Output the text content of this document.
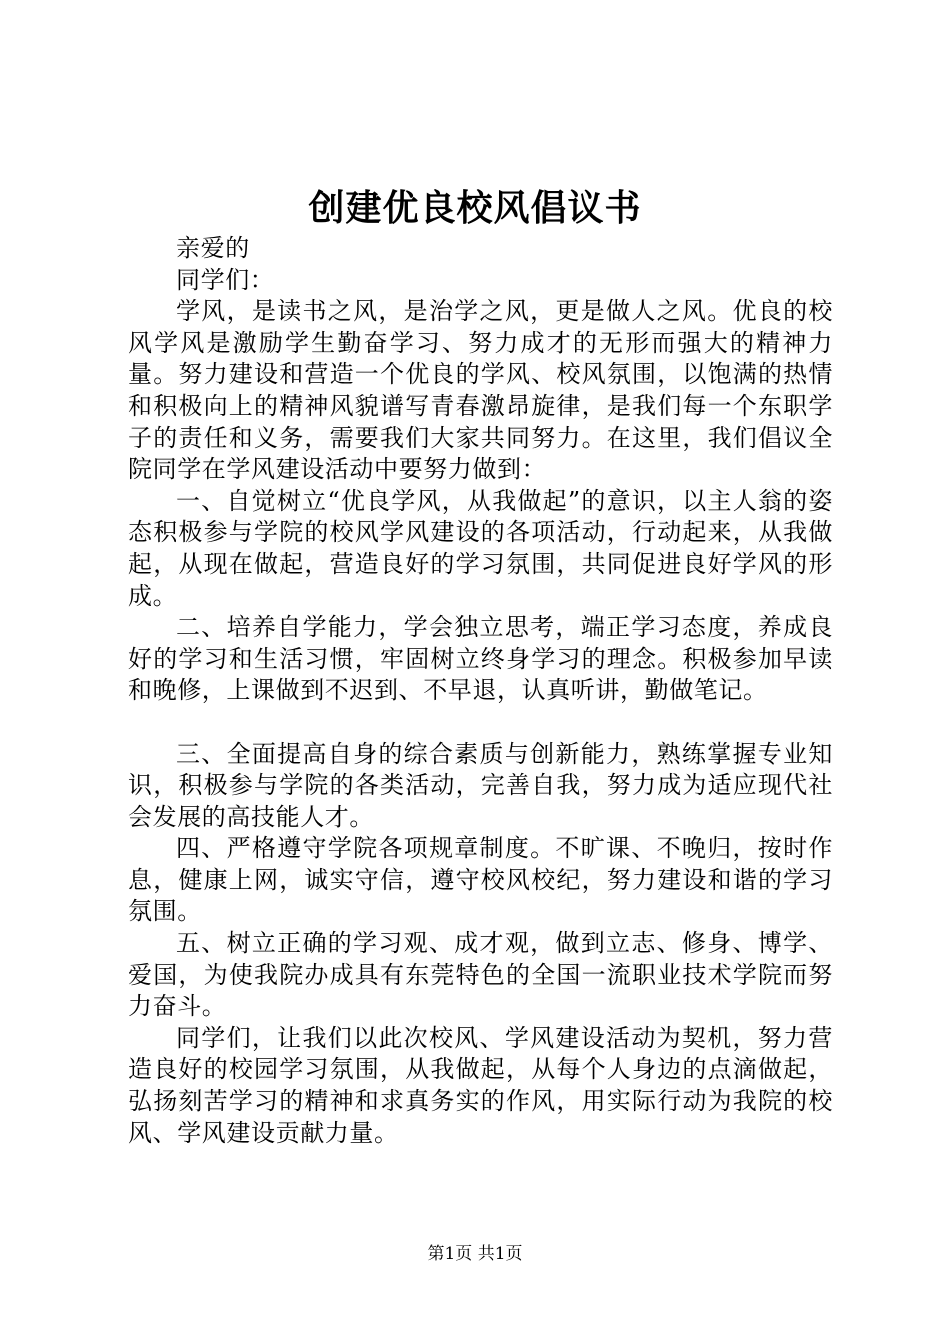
创建优良校风倡议书

亲爱的

同学们：

学风，是读书之风，是治学之风，更是做人之风。优良的校风学风是激励学生勤奋学习、努力成才的无形而强大的精神力量。努力建设和营造一个优良的学风、校风氛围，以饱满的热情和积极向上的精神风貌谱写青春激昂旋律，是我们每一个东职学子的责任和义务，需要我们大家共同努力。在这里，我们倡议全院同学在学风建设活动中要努力做到：

一、自觉树立“优良学风，从我做起”的意识，以主人翁的姿态积极参与学院的校风学风建设的各项活动，行动起来，从我做起，从现在做起，营造良好的学习氛围，共同促进良好学风的形成。

二、培养自学能力，学会独立思考，端正学习态度，养成良好的学习和生活习惯，牢固树立终身学习的理念。积极参加早读和晚修，上课做到不迟到、不早退，认真听讲，勤做笔记。

三、全面提高自身的综合素质与创新能力，熟练掌握专业知识，积极参与学院的各类活动，完善自我，努力成为适应现代社会发展的高技能人才。

四、严格遵守学院各项规章制度。不旷课、不晚归，按时作息，健康上网，诚实守信，遵守校风校纪，努力建设和谐的学习氛围。

五、树立正确的学习观、成才观，做到立志、修身、博学、爱国，为使我院办成具有东莞特色的全国一流职业技术学院而努力奋斗。

同学们，让我们以此次校风、学风建设活动为契机，努力营造良好的校园学习氛围，从我做起，从每个人身边的点滴做起，弘扬刻苦学习的精神和求真务实的作风，用实际行动为我院的校风、学风建设贡献力量。

第1页 共1页
